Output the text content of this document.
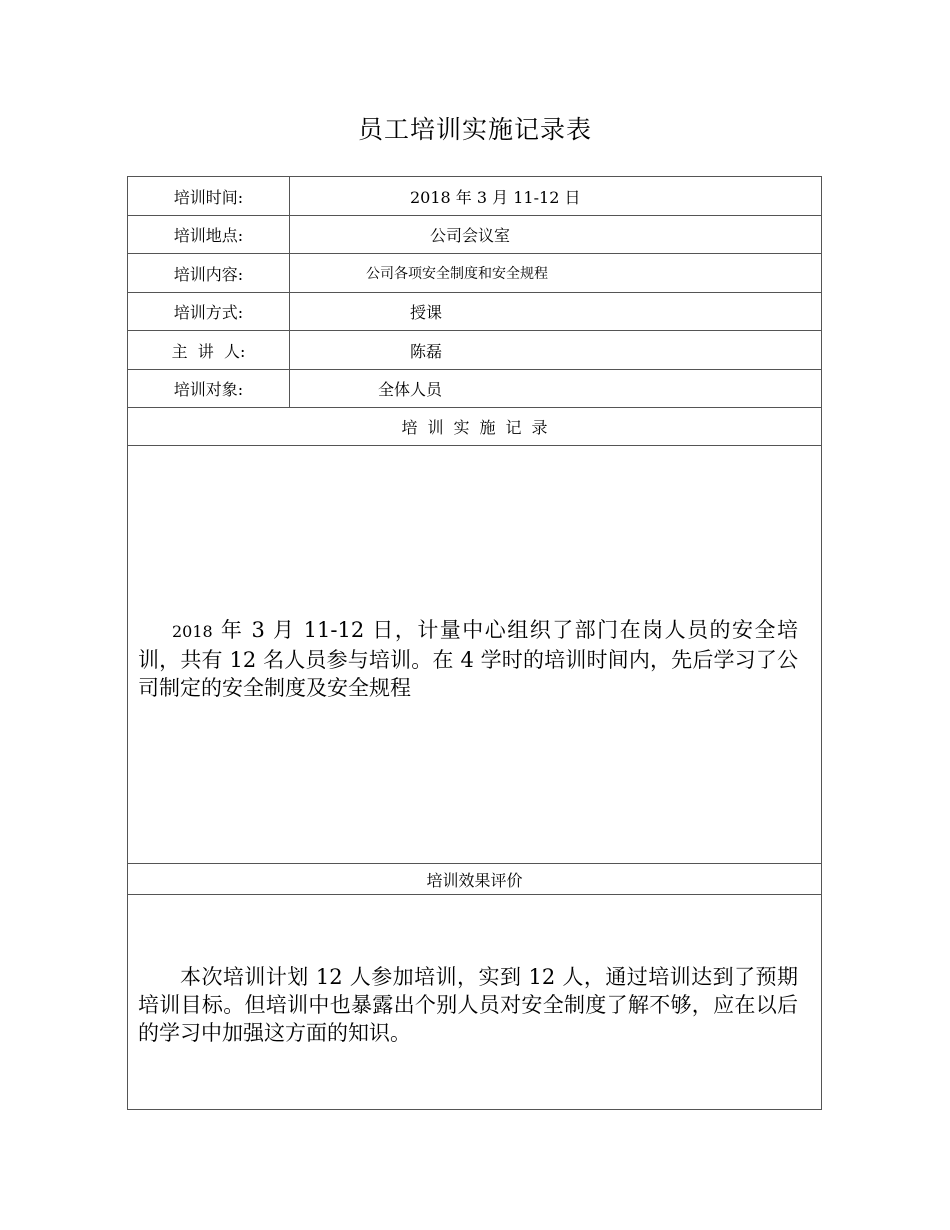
员工培训实施记录表
培训时间:	2018 年 3 月 11-12 日
培训地点:	公司会议室
培训内容:	公司各项安全制度和安全规程
培训方式:	授课
主  讲  人:	陈磊
培训对象:	全体人员
培训实施记录
2018 年 3 月 11-12 日，计量中心组织了部门在岗人员的安全培训，共有 12 名人员参与培训。在 4 学时的培训时间内，先后学习了公司制定的安全制度及安全规程
培训效果评价
本次培训计划 12 人参加培训，实到 12 人，通过培训达到了预期培训目标。但培训中也暴露出个别人员对安全制度了解不够，应在以后的学习中加强这方面的知识。
